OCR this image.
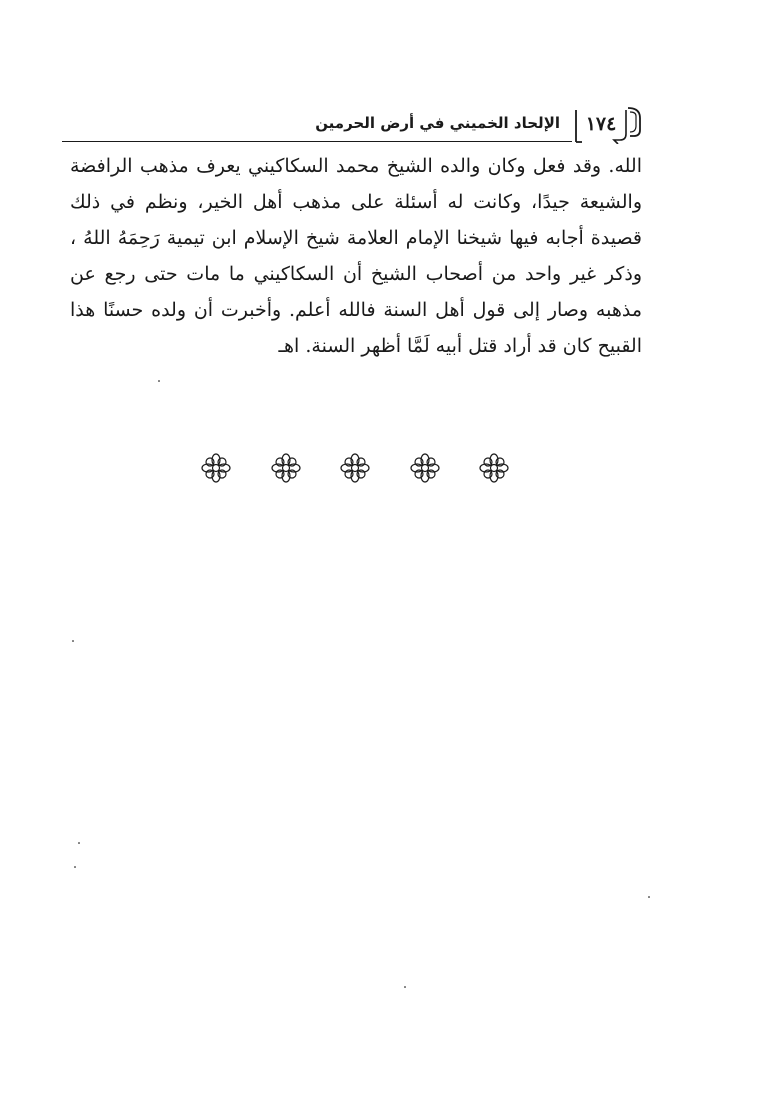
الإلحاد الخميني في أرض الحرمين	١٧٤
الله. وقد فعل وكان والده الشيخ محمد السكاكيني يعرف مذهب الرافضة
والشيعة جيدًا، وكانت له أسئلة على مذهب أهل الخير، ونظم في ذلك
قصيدة أجابه فيها شيخنا الإمام العلامة شيخ الإسلام ابن تيمية رَحِمَهُ اللهُ ،
وذكر غير واحد من أصحاب الشيخ أن السكاكيني ما مات حتى رجع عن
مذهبه وصار إلى قول أهل السنة فالله أعلم. وأخبرت أن ولده حسنًا هذا
القبيح كان قد أراد قتل أبيه لَمَّا أظهر السنة. اهـ
